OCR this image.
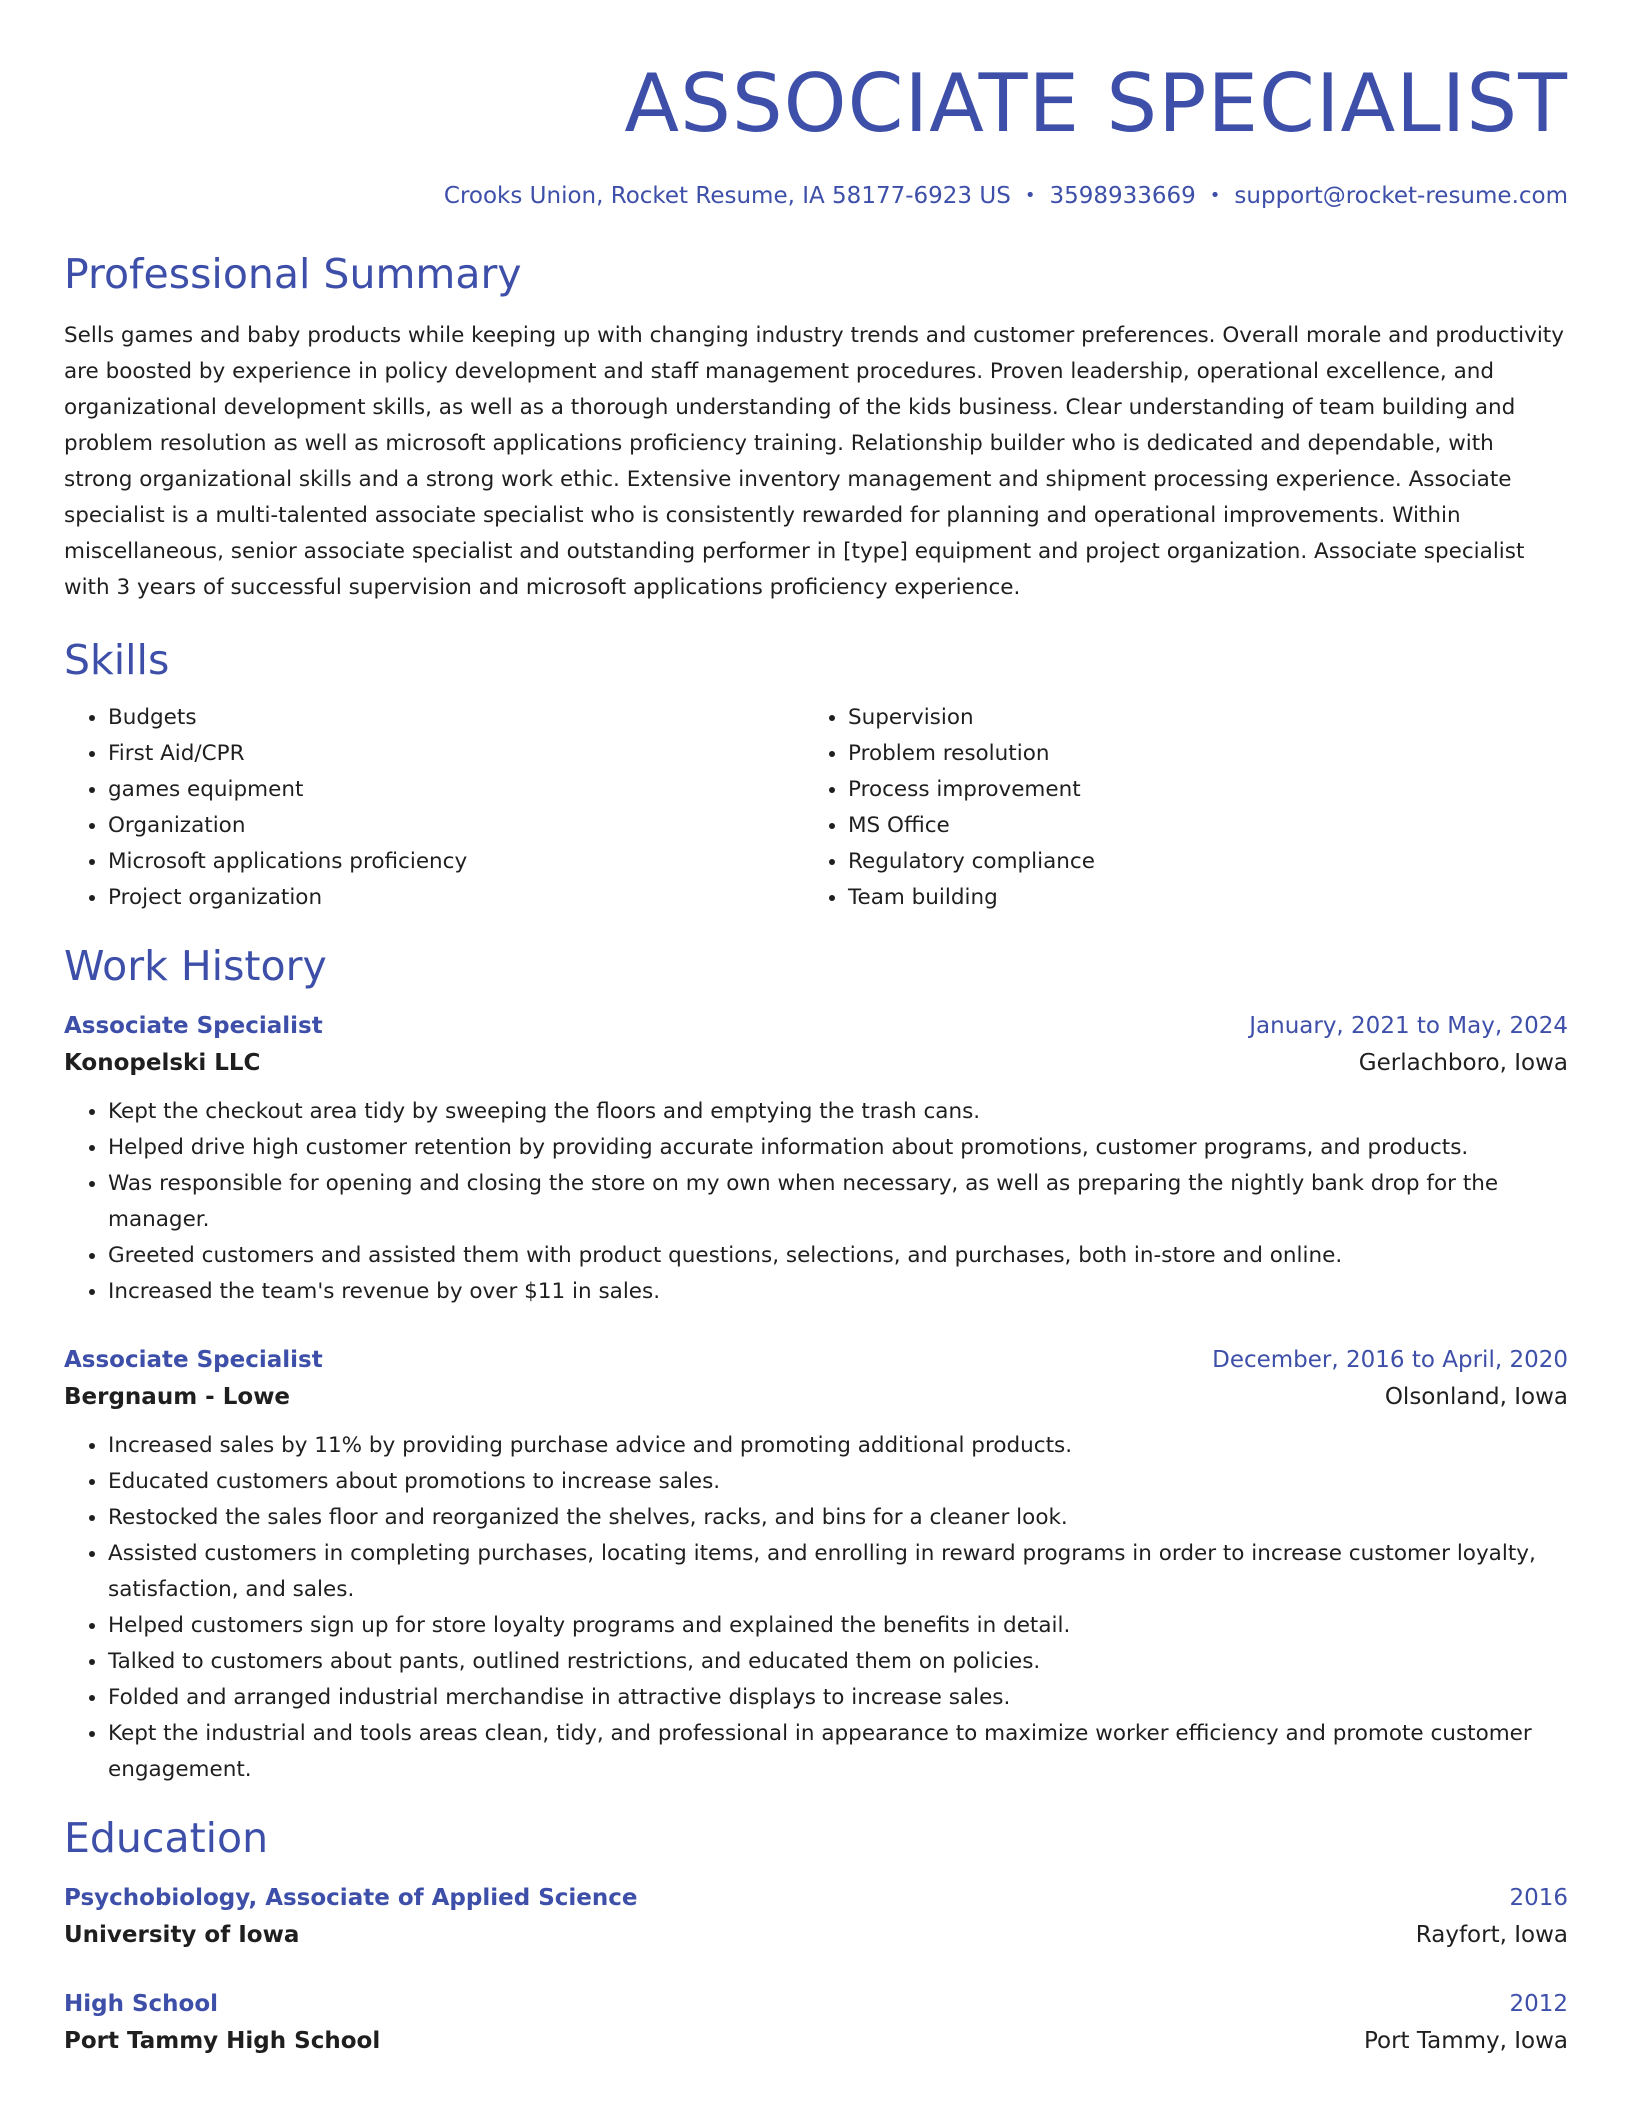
ASSOCIATE SPECIALIST
Crooks Union, Rocket Resume, IA 58177-6923 US • 3598933669 • support@rocket-resume.com
Professional Summary

Sells games and baby products while keeping up with changing industry trends and customer preferences. Overall morale and productivity are boosted by experience in policy development and staff management procedures. Proven leadership, operational excellence, and organizational development skills, as well as a thorough understanding of the kids business. Clear understanding of team building and problem resolution as well as microsoft applications proficiency training. Relationship builder who is dedicated and dependable, with strong organizational skills and a strong work ethic. Extensive inventory management and shipment processing experience. Associate specialist is a multi-talented associate specialist who is consistently rewarded for planning and operational improvements. Within miscellaneous, senior associate specialist and outstanding performer in [type] equipment and project organization. Associate specialist with 3 years of successful supervision and microsoft applications proficiency experience.

Skills
• Budgets
• First Aid/CPR
• games equipment
• Organization
• Microsoft applications proficiency
• Project organization
• Supervision
• Problem resolution
• Process improvement
• MS Office
• Regulatory compliance
• Team building
Work History
Associate Specialist	January, 2021 to May, 2024
Konopelski LLC	Gerlachboro, Iowa
• Kept the checkout area tidy by sweeping the floors and emptying the trash cans.
• Helped drive high customer retention by providing accurate information about promotions, customer programs, and products.
• Was responsible for opening and closing the store on my own when necessary, as well as preparing the nightly bank drop for the manager.
• Greeted customers and assisted them with product questions, selections, and purchases, both in-store and online.
• Increased the team's revenue by over $11 in sales.
Associate Specialist	December, 2016 to April, 2020
Bergnaum - Lowe	Olsonland, Iowa
• Increased sales by 11% by providing purchase advice and promoting additional products.
• Educated customers about promotions to increase sales.
• Restocked the sales floor and reorganized the shelves, racks, and bins for a cleaner look.
• Assisted customers in completing purchases, locating items, and enrolling in reward programs in order to increase customer loyalty, satisfaction, and sales.
• Helped customers sign up for store loyalty programs and explained the benefits in detail.
• Talked to customers about pants, outlined restrictions, and educated them on policies.
• Folded and arranged industrial merchandise in attractive displays to increase sales.
• Kept the industrial and tools areas clean, tidy, and professional in appearance to maximize worker efficiency and promote customer engagement.
Education
Psychobiology, Associate of Applied Science	2016
University of Iowa	Rayfort, Iowa
High School	2012
Port Tammy High School	Port Tammy, Iowa
